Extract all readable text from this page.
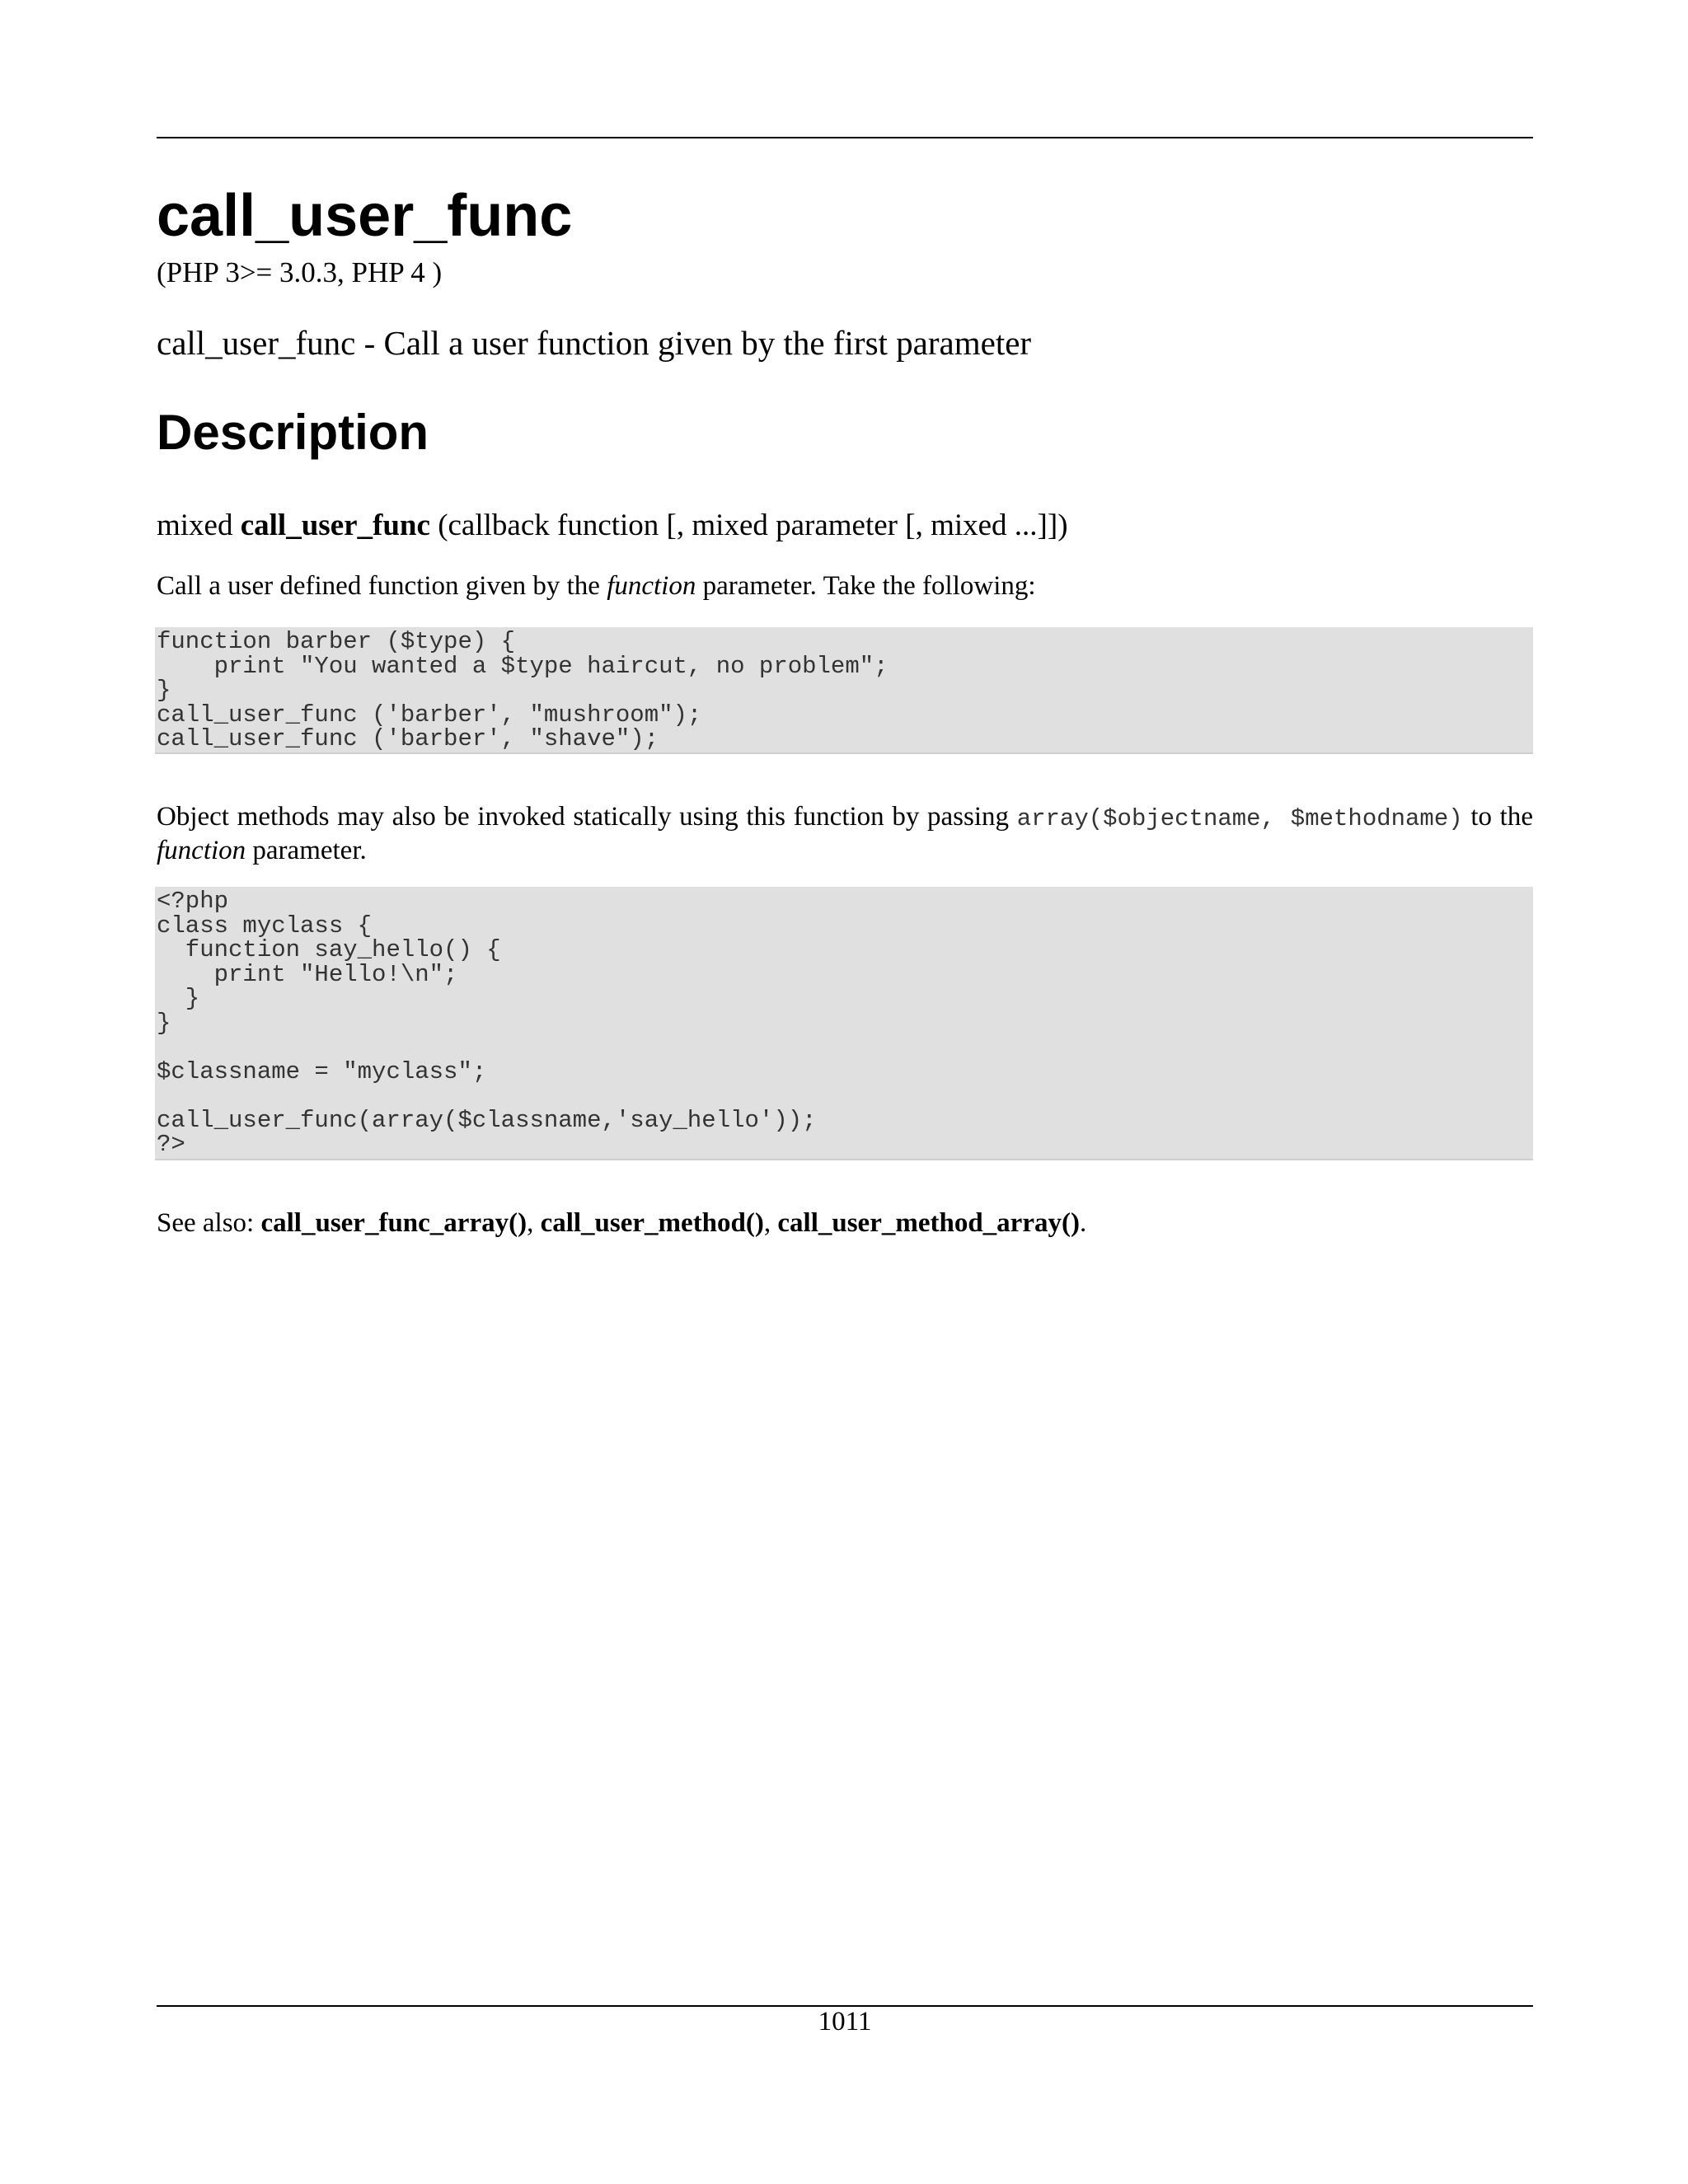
call_user_func
(PHP 3>= 3.0.3, PHP 4 )
call_user_func - Call a user function given by the first parameter
Description
mixed call_user_func (callback function [, mixed parameter [, mixed ...]])
Call a user defined function given by the function parameter. Take the following:
function barber ($type) {
print "You wanted a $type haircut, no problem";
}
call_user_func ('barber', "mushroom");
call_user_func ('barber', "shave");
Object methods may also be invoked statically using this function by passing array($objectname, $methodname) to the function parameter.
<?php
class myclass {
function say_hello() {
print "Hello!\n";
}
}

$classname = "myclass";

call_user_func(array($classname,'say_hello'));
?>
See also: call_user_func_array(), call_user_method(), call_user_method_array().
1011
